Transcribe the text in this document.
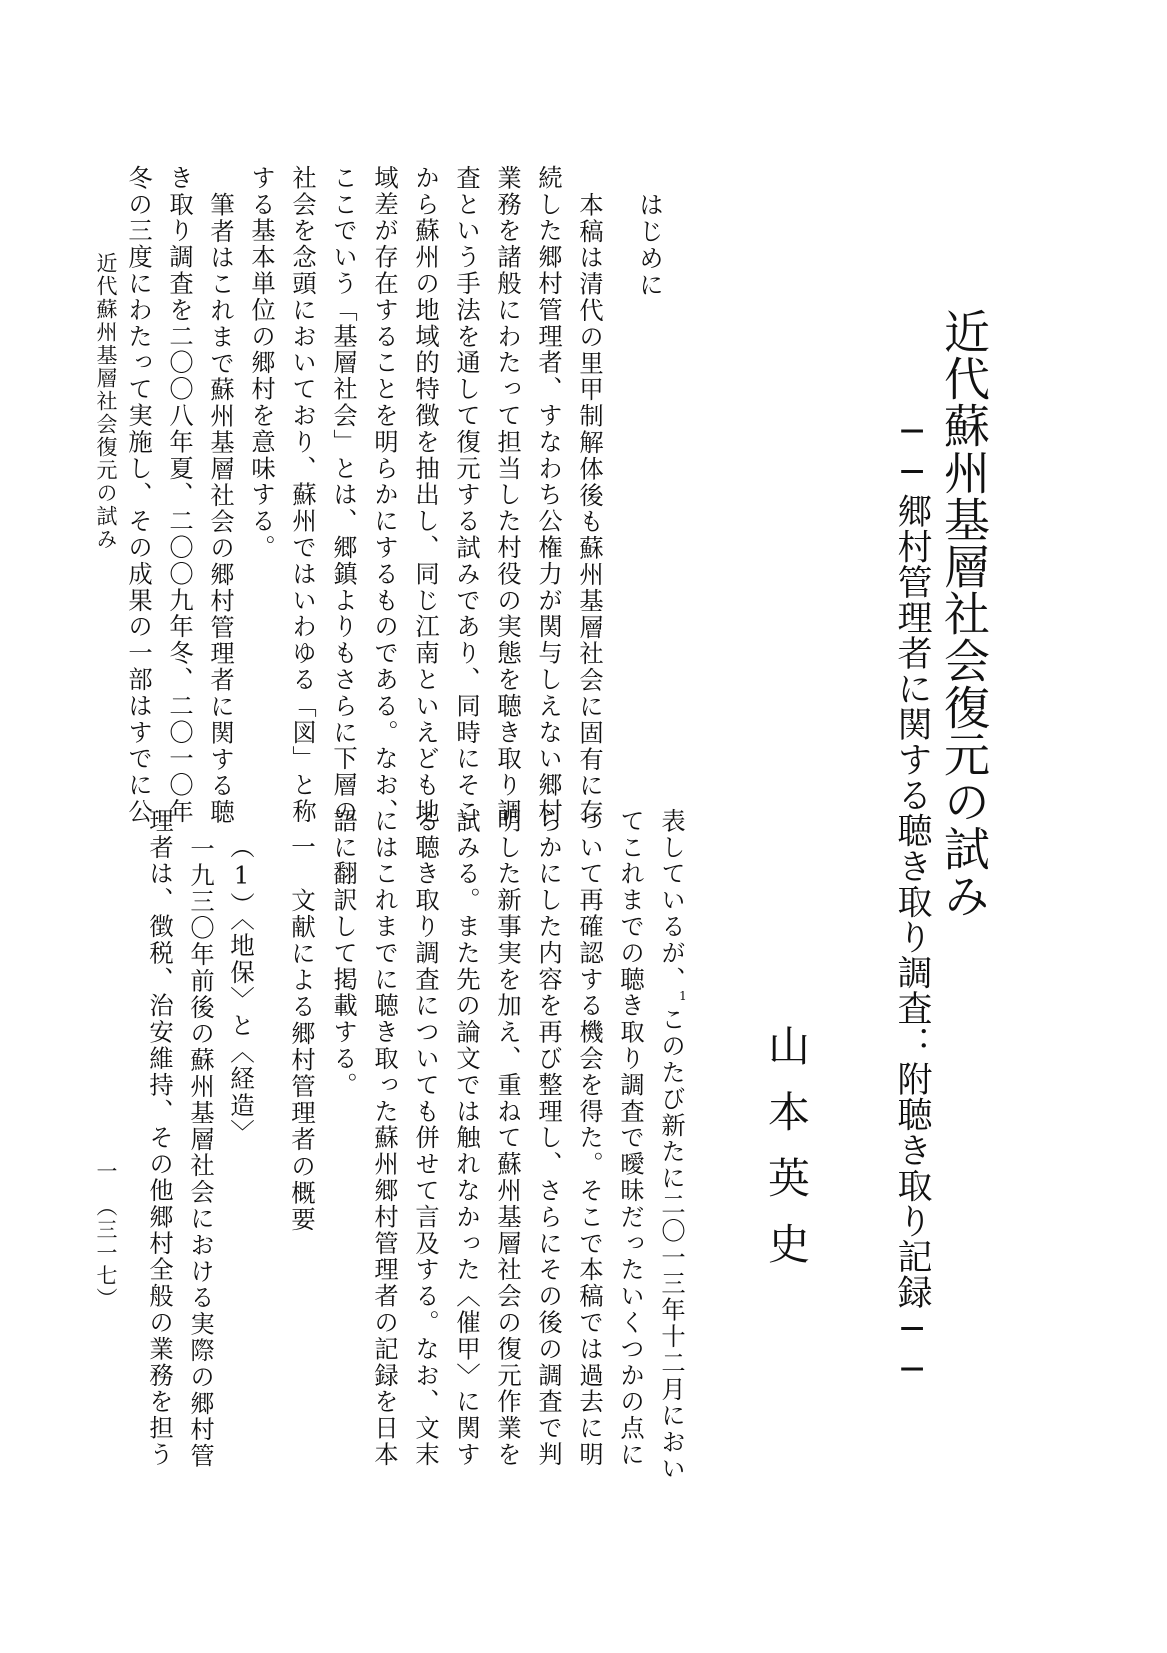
近代蘇州基層社会復元の試み
──郷村管理者に関する聴き取り調査：附聴き取り記録──
山本英史
はじめに
本稿は清代の里甲制解体後も蘇州基層社会に固有に存
続した郷村管理者、すなわち公権力が関与しえない郷村
業務を諸般にわたって担当した村役の実態を聴き取り調
査という手法を通して復元する試みであり、同時にそこ
から蘇州の地域的特徴を抽出し、同じ江南といえども地
域差が存在することを明らかにするものである。なお、
ここでいう「基層社会」とは、郷鎮よりもさらに下層の
社会を念頭においており、蘇州ではいわゆる「図」と称
する基本単位の郷村を意味する。
筆者はこれまで蘇州基層社会の郷村管理者に関する聴
き取り調査を二〇〇八年夏、二〇〇九年冬、二〇一〇年
冬の三度にわたって実施し、その成果の一部はすでに公
表しているが、1このたび新たに二〇一三年十二月におい
てこれまでの聴き取り調査で曖昧だったいくつかの点に
ついて再確認する機会を得た。そこで本稿では過去に明
らかにした内容を再び整理し、さらにその後の調査で判
明した新事実を加え、重ねて蘇州基層社会の復元作業を
試みる。また先の論文では触れなかった〈催甲〉に関す
る聴き取り調査についても併せて言及する。なお、文末
にはこれまでに聴き取った蘇州郷村管理者の記録を日本
語に翻訳して掲載する。
一　文献による郷村管理者の概要
（1）〈地保〉と〈経造〉
一九三〇年前後の蘇州基層社会における実際の郷村管
理者は、徴税、治安維持、その他郷村全般の業務を担う
近代蘇州基層社会復元の試み
一　（三一七）
